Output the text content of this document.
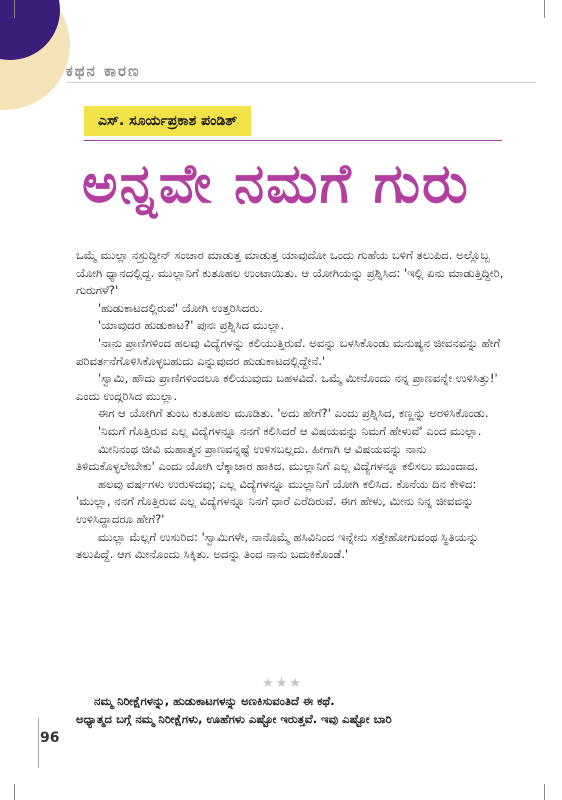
ಕಥನ ಕಾರಣ
ಎಸ್‌. ಸೂರ್ಯಪ್ರಕಾಶ ಪಂಡಿತ್‌
ಅನ್ನವೇ ನಮಗೆ ಗುರು

ಒಮ್ಮೆ ಮುಲ್ಲಾ ನಸ್ರುದ್ದೀನ್‌ ಸಂಚಾರ ಮಾಡುತ್ತ ಮಾಡುತ್ತ ಯಾವುದೋ ಒಂದು ಗುಹೆಯ ಬಳಿಗೆ ತಲುಪಿದ. ಅಲ್ಲೊಬ್ಬ ಯೋಗಿ ಧ್ಯಾನದಲ್ಲಿದ್ದ. ಮುಲ್ಲಾನಿಗೆ ಕುತೂಹಲ ಉಂಟಾಯಿತು. ಆ ಯೋಗಿಯನ್ನು ಪ್ರಶ್ನಿಸಿದ: 'ಇಲ್ಲಿ ಏನು ಮಾಡುತ್ತಿದ್ದೀರಿ, ಗುರುಗಳೆ?'

'ಹುಡುಕಾಟದಲ್ಲಿರುವೆ' ಯೋಗಿ ಉತ್ತರಿಸಿದರು.

'ಯಾವುದರ ಹುಡುಕಾಟ?' ಪುನಃ ಪ್ರಶ್ನಿಸಿದ ಮುಲ್ಲಾ.

'ನಾನು ಪ್ರಾಣಿಗಳಿಂದ ಹಲವು ವಿದ್ಯೆಗಳನ್ನು ಕಲಿಯುತ್ತಿರುವೆ. ಅವನ್ನು ಬಳಸಿಕೊಂಡು ಮನುಷ್ಯನ ಜೀವನವನ್ನು ಹೇಗೆ ಪರಿವರ್ತನೆಗೊಳಿಸಿಕೊಳ್ಳಬಹುದು ಎನ್ನುವುದರ ಹುಡುಕಾಟದಲ್ಲಿದ್ದೇನೆ.'

'ಸ್ವಾಮಿ, ಹೌದು ಪ್ರಾಣಿಗಳಿಂದಲೂ ಕಲಿಯುವುದು ಬಹಳವಿದೆ. ಒಮ್ಮೆ ಮೀನೊಂದು ನನ್ನ ಪ್ರಾಣವನ್ನೇ ಉಳಿಸಿತ್ತು!' ಎಂದು ಉದ್ಗರಿಸಿದ ಮುಲ್ಲಾ.

ಈಗ ಆ ಯೋಗಿಗೆ ತುಂಬ ಕುತೂಹಲ ಮೂಡಿತು. 'ಅದು ಹೇಗೆ?' ಎಂದು ಪ್ರಶ್ನಿಸಿದ, ಕಣ್ಣನ್ನು ಅರಳಿಸಿಕೊಂಡು.

'ನಿಮಗೆ ಗೊತ್ತಿರುವ ಎಲ್ಲ ವಿದ್ಯೆಗಳನ್ನೂ ನನಗೆ ಕಲಿಸಿದರೆ ಆ ವಿಷಯವನ್ನು ನಿಮಗೆ ಹೇಳುವೆ' ಎಂದ ಮುಲ್ಲಾ.

ಮೀನಿನಂಥ ಜೀವಿ ಮಹಾತ್ಮನ ಪ್ರಾಣವನ್ನಷ್ಟೆ ಉಳಿಸಬಲ್ಲದು. ಹೀಗಾಗಿ ಆ ವಿಷಯವನ್ನು ನಾನು ತಿಳಿದುಕೊಳ್ಳಲೇಬೇಕು' ಎಂದು ಯೋಗಿ ಲೆಕ್ಕಾಚಾರ ಹಾಕಿದ. ಮುಲ್ಲಾನಿಗೆ ಎಲ್ಲ ವಿದ್ಯೆಗಳನ್ನೂ ಕಲಿಸಲು ಮುಂದಾದ.

ಹಲವು ವರ್ಷಗಳು ಉರುಳಿದವು; ಎಲ್ಲ ವಿದ್ಯೆಗಳನ್ನೂ ಮುಲ್ಲಾನಿಗೆ ಯೋಗಿ ಕಲಿಸಿದ. ಕೊನೆಯ ದಿನ ಕೇಳಿದ: 'ಮುಲ್ಲಾ, ನನಗೆ ಗೊತ್ತಿರುವ ಎಲ್ಲ ವಿದ್ಯೆಗಳನ್ನೂ ನಿನಗೆ ಧಾರೆ ಎರೆದಿರುವೆ. ಈಗ ಹೇಳು, ಮೀನು ನಿನ್ನ ಜೀವವನ್ನು ಉಳಿಸಿದ್ದಾದರೂ ಹೇಗೆ?'

ಮುಲ್ಲಾ ಮೆಲ್ಲಗೆ ಉಸುರಿದ: 'ಸ್ವಾಮಿಗಳೇ, ನಾನೊಮ್ಮೆ ಹಸಿವಿನಿಂದ ಇನ್ನೇನು ಸತ್ತೇಹೋಗುವಂಥ ಸ್ಥಿತಿಯನ್ನು ತಲುಪಿದ್ದೆ. ಆಗ ಮೀನೊಂದು ಸಿಕ್ಕಿತು. ಅದನ್ನು ತಿಂದ ನಾನು ಬದುಕಿಕೊಂಡೆ.'

★★★

ನಮ್ಮ ನಿರೀಕ್ಷೆಗಳನ್ನು, ಹುಡುಕಾಟಗಳನ್ನು ಅಣಕಿಸುವಂತಿದೆ ಈ ಕಥೆ.

ಅಧ್ಯಾತ್ಮದ ಬಗ್ಗೆ ನಮ್ಮ ನಿರೀಕ್ಷೆಗಳು, ಊಹೆಗಳು ಎಷ್ಟೋ ಇರುತ್ತವೆ. ಇವು ಎಷ್ಟೋ ಬಾರಿ

96
